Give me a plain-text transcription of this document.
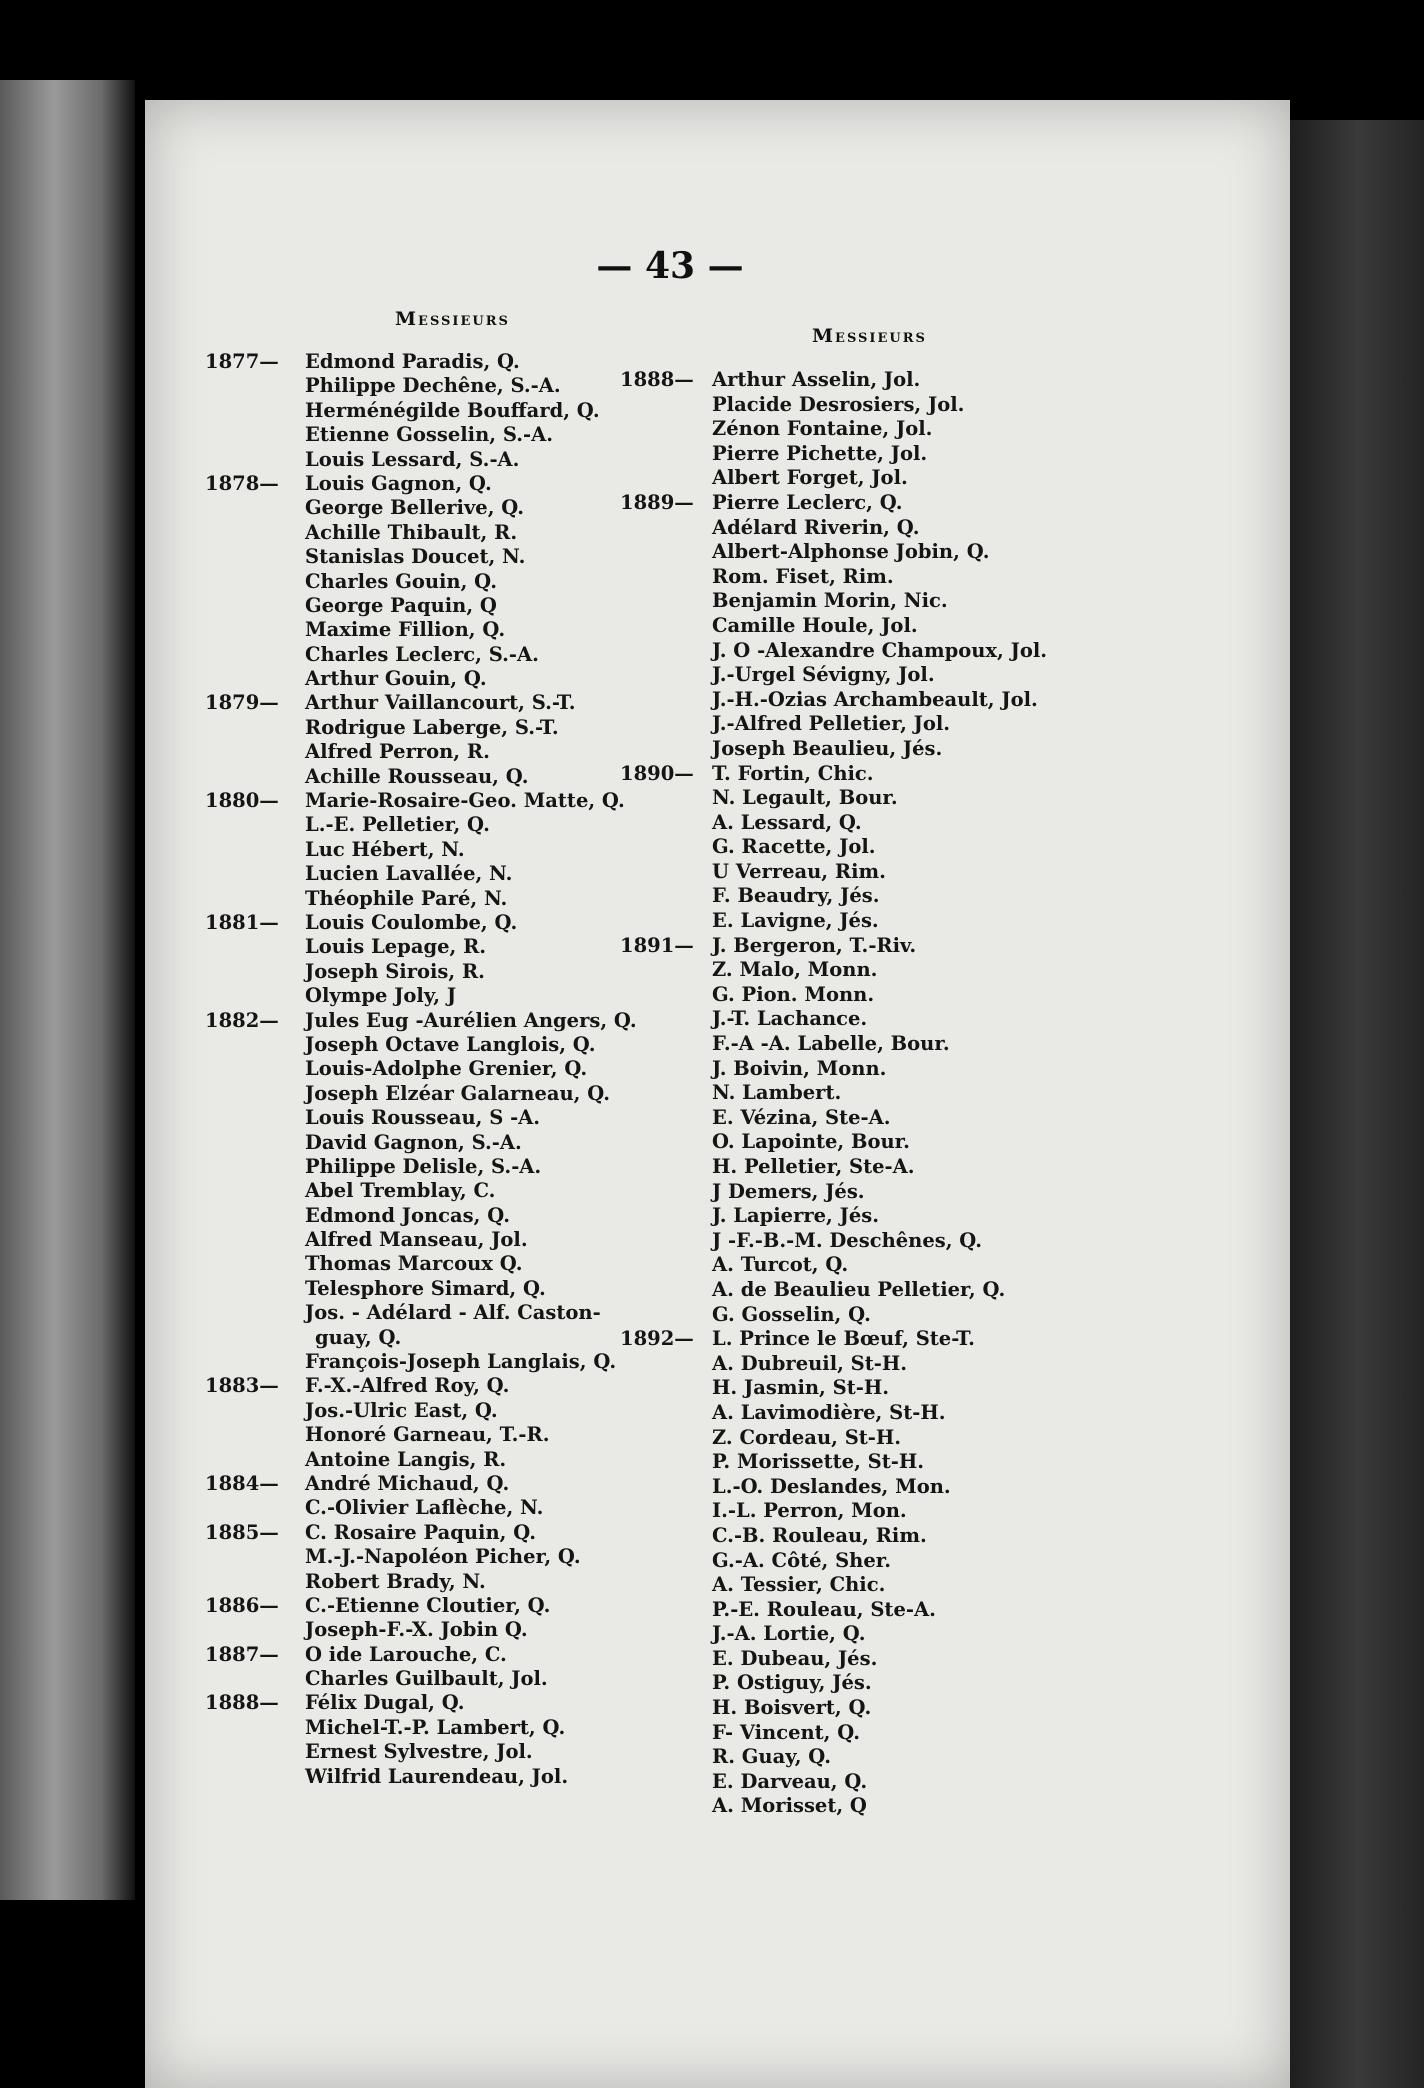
— 43 —
Messieurs
Messieurs
1877— Edmond Paradis, Q.
Philippe Dechêne, S.-A.
Herménégilde Bouffard, Q.
Etienne Gosselin, S.-A.
Louis Lessard, S.-A.
1878— Louis Gagnon, Q.
George Bellerive, Q.
Achille Thibault, R.
Stanislas Doucet, N.
Charles Gouin, Q.
George Paquin, Q
Maxime Fillion, Q.
Charles Leclerc, S.-A.
Arthur Gouin, Q.
1879— Arthur Vaillancourt, S.-T.
Rodrigue Laberge, S.-T.
Alfred Perron, R.
Achille Rousseau, Q.
1880— Marie-Rosaire-Geo. Matte, Q.
L.-E. Pelletier, Q.
Luc Hébert, N.
Lucien Lavallée, N.
Théophile Paré, N.
1881— Louis Coulombe, Q.
Louis Lepage, R.
Joseph Sirois, R.
Olympe Joly, J
1882— Jules Eug -Aurélien Angers, Q.
Joseph Octave Langlois, Q.
Louis-Adolphe Grenier, Q.
Joseph Elzéar Galarneau, Q.
Louis Rousseau, S -A.
David Gagnon, S.-A.
Philippe Delisle, S.-A.
Abel Tremblay, C.
Edmond Joncas, Q.
Alfred Manseau, Jol.
Thomas Marcoux Q.
Telesphore Simard, Q.
Jos. - Adélard - Alf. Caston-
guay, Q.
François-Joseph Langlais, Q.
1883— F.-X.-Alfred Roy, Q.
Jos.-Ulric East, Q.
Honoré Garneau, T.-R.
Antoine Langis, R.
1884— André Michaud, Q.
C.-Olivier Laflèche, N.
1885— C. Rosaire Paquin, Q.
M.-J.-Napoléon Picher, Q.
Robert Brady, N.
1886— C.-Etienne Cloutier, Q.
Joseph-F.-X. Jobin Q.
1887— O ide Larouche, C.
Charles Guilbault, Jol.
1888— Félix Dugal, Q.
Michel-T.-P. Lambert, Q.
Ernest Sylvestre, Jol.
Wilfrid Laurendeau, Jol.
1888— Arthur Asselin, Jol.
Placide Desrosiers, Jol.
Zénon Fontaine, Jol.
Pierre Pichette, Jol.
Albert Forget, Jol.
1889— Pierre Leclerc, Q.
Adélard Riverin, Q.
Albert-Alphonse Jobin, Q.
Rom. Fiset, Rim.
Benjamin Morin, Nic.
Camille Houle, Jol.
J. O -Alexandre Champoux, Jol.
J.-Urgel Sévigny, Jol.
J.-H.-Ozias Archambeault, Jol.
J.-Alfred Pelletier, Jol.
Joseph Beaulieu, Jés.
1890— T. Fortin, Chic.
N. Legault, Bour.
A. Lessard, Q.
G. Racette, Jol.
U Verreau, Rim.
F. Beaudry, Jés.
E. Lavigne, Jés.
1891— J. Bergeron, T.-Riv.
Z. Malo, Monn.
G. Pion. Monn.
J.-T. Lachance.
F.-A -A. Labelle, Bour.
J. Boivin, Monn.
N. Lambert.
E. Vézina, Ste-A.
O. Lapointe, Bour.
H. Pelletier, Ste-A.
J Demers, Jés.
J. Lapierre, Jés.
J -F.-B.-M. Deschênes, Q.
A. Turcot, Q.
A. de Beaulieu Pelletier, Q.
G. Gosselin, Q.
1892— L. Prince le Bœuf, Ste-T.
A. Dubreuil, St-H.
H. Jasmin, St-H.
A. Lavimodière, St-H.
Z. Cordeau, St-H.
P. Morissette, St-H.
L.-O. Deslandes, Mon.
I.-L. Perron, Mon.
C.-B. Rouleau, Rim.
G.-A. Côté, Sher.
A. Tessier, Chic.
P.-E. Rouleau, Ste-A.
J.-A. Lortie, Q.
E. Dubeau, Jés.
P. Ostiguy, Jés.
H. Boisvert, Q.
F- Vincent, Q.
R. Guay, Q.
E. Darveau, Q.
A. Morisset, Q
